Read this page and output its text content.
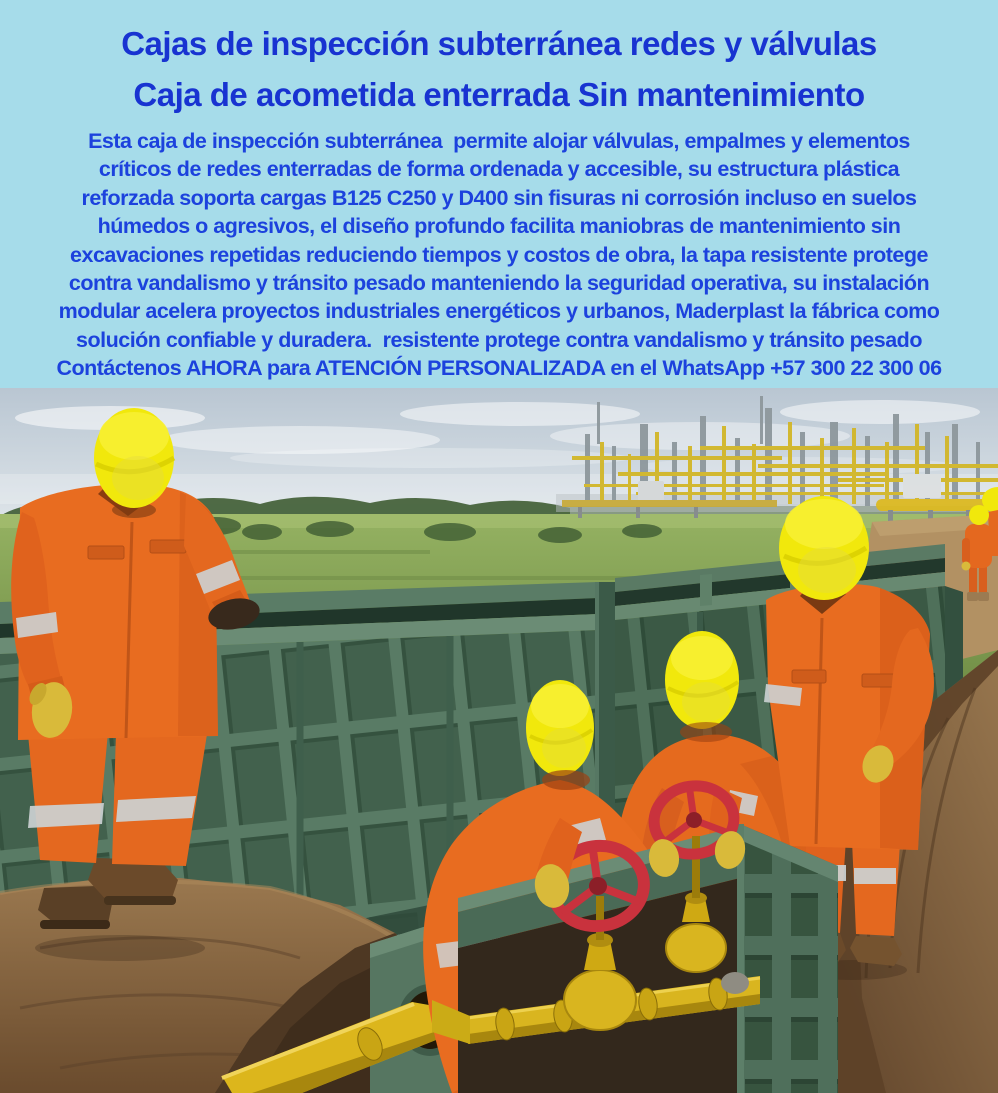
Cajas de inspección subterránea redes y válvulas
Caja de acometida enterrada Sin mantenimiento
Esta caja de inspección subterránea  permite alojar válvulas, empalmes y elementos
críticos de redes enterradas de forma ordenada y accesible, su estructura plástica
reforzada soporta cargas B125 C250 y D400 sin fisuras ni corrosión incluso en suelos
húmedos o agresivos, el diseño profundo facilita maniobras de mantenimiento sin
excavaciones repetidas reduciendo tiempos y costos de obra, la tapa resistente protege
contra vandalismo y tránsito pesado manteniendo la seguridad operativa, su instalación
modular acelera proyectos industriales energéticos y urbanos, Maderplast la fábrica como
solución confiable y duradera.  resistente protege contra vandalismo y tránsito pesado
Contáctenos AHORA para ATENCIÓN PERSONALIZADA en el WhatsApp +57 300 22 300 06
